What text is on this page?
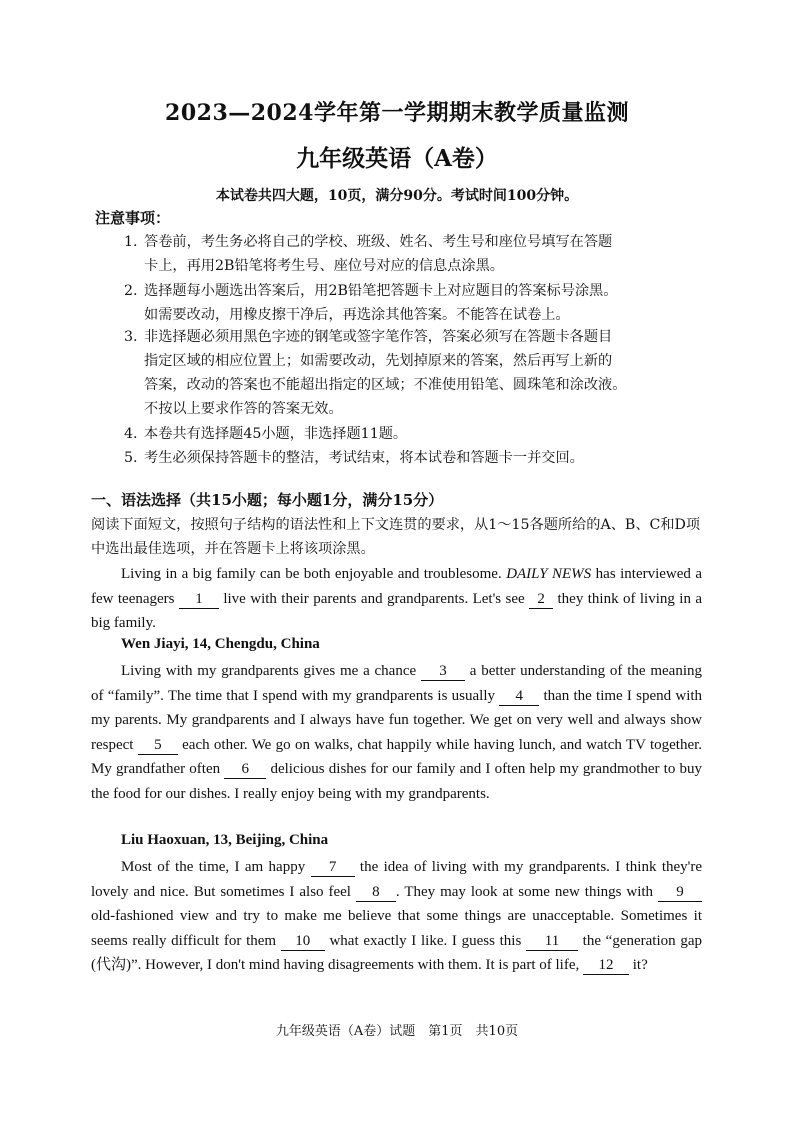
2023—2024学年第一学期期末教学质量监测
九年级英语（A卷）
本试卷共四大题，10页，满分90分。考试时间100分钟。
注意事项：
1. 答卷前，考生务必将自己的学校、班级、姓名、考生号和座位号填写在答题
卡上，再用2B铅笔将考生号、座位号对应的信息点涂黑。
2. 选择题每小题选出答案后，用2B铅笔把答题卡上对应题目的答案标号涂黑。
如需要改动，用橡皮擦干净后，再选涂其他答案。不能答在试卷上。
3. 非选择题必须用黑色字迹的钢笔或签字笔作答，答案必须写在答题卡各题目
指定区域的相应位置上；如需要改动，先划掉原来的答案，然后再写上新的
答案，改动的答案也不能超出指定的区域；不准使用铅笔、圆珠笔和涂改液。
不按以上要求作答的答案无效。
4. 本卷共有选择题45小题，非选择题11题。
5. 考生必须保持答题卡的整洁，考试结束，将本试卷和答题卡一并交回。
一、语法选择（共15小题；每小题1分，满分15分）
阅读下面短文，按照句子结构的语法性和上下文连贯的要求，从1～15各题所给的A、B、C和D项中选出最佳选项，并在答题卡上将该项涂黑。
Living in a big family can be both enjoyable and troublesome. DAILY NEWS has interviewed a few teenagers 1 live with their parents and grandparents. Let's see 2 they think of living in a big family.
Wen Jiayi, 14, Chengdu, China
Living with my grandparents gives me a chance 3 a better understanding of the meaning of “family”. The time that I spend with my grandparents is usually 4 than the time I spend with my parents. My grandparents and I always have fun together. We get on very well and always show respect 5 each other. We go on walks, chat happily while having lunch, and watch TV together. My grandfather often 6 delicious dishes for our family and I often help my grandmother to buy the food for our dishes. I really enjoy being with my grandparents.
Liu Haoxuan, 13, Beijing, China
Most of the time, I am happy 7 the idea of living with my grandparents. I think they're lovely and nice. But sometimes I also feel 8 . They may look at some new things with 9 old-fashioned view and try to make me believe that some things are unacceptable. Sometimes it seems really difficult for them 10 what exactly I like. I guess this 11 the “generation gap (代沟)”. However, I don't mind having disagreements with them. It is part of life, 12 it?
九年级英语（A卷）试题　第1页　共10页
